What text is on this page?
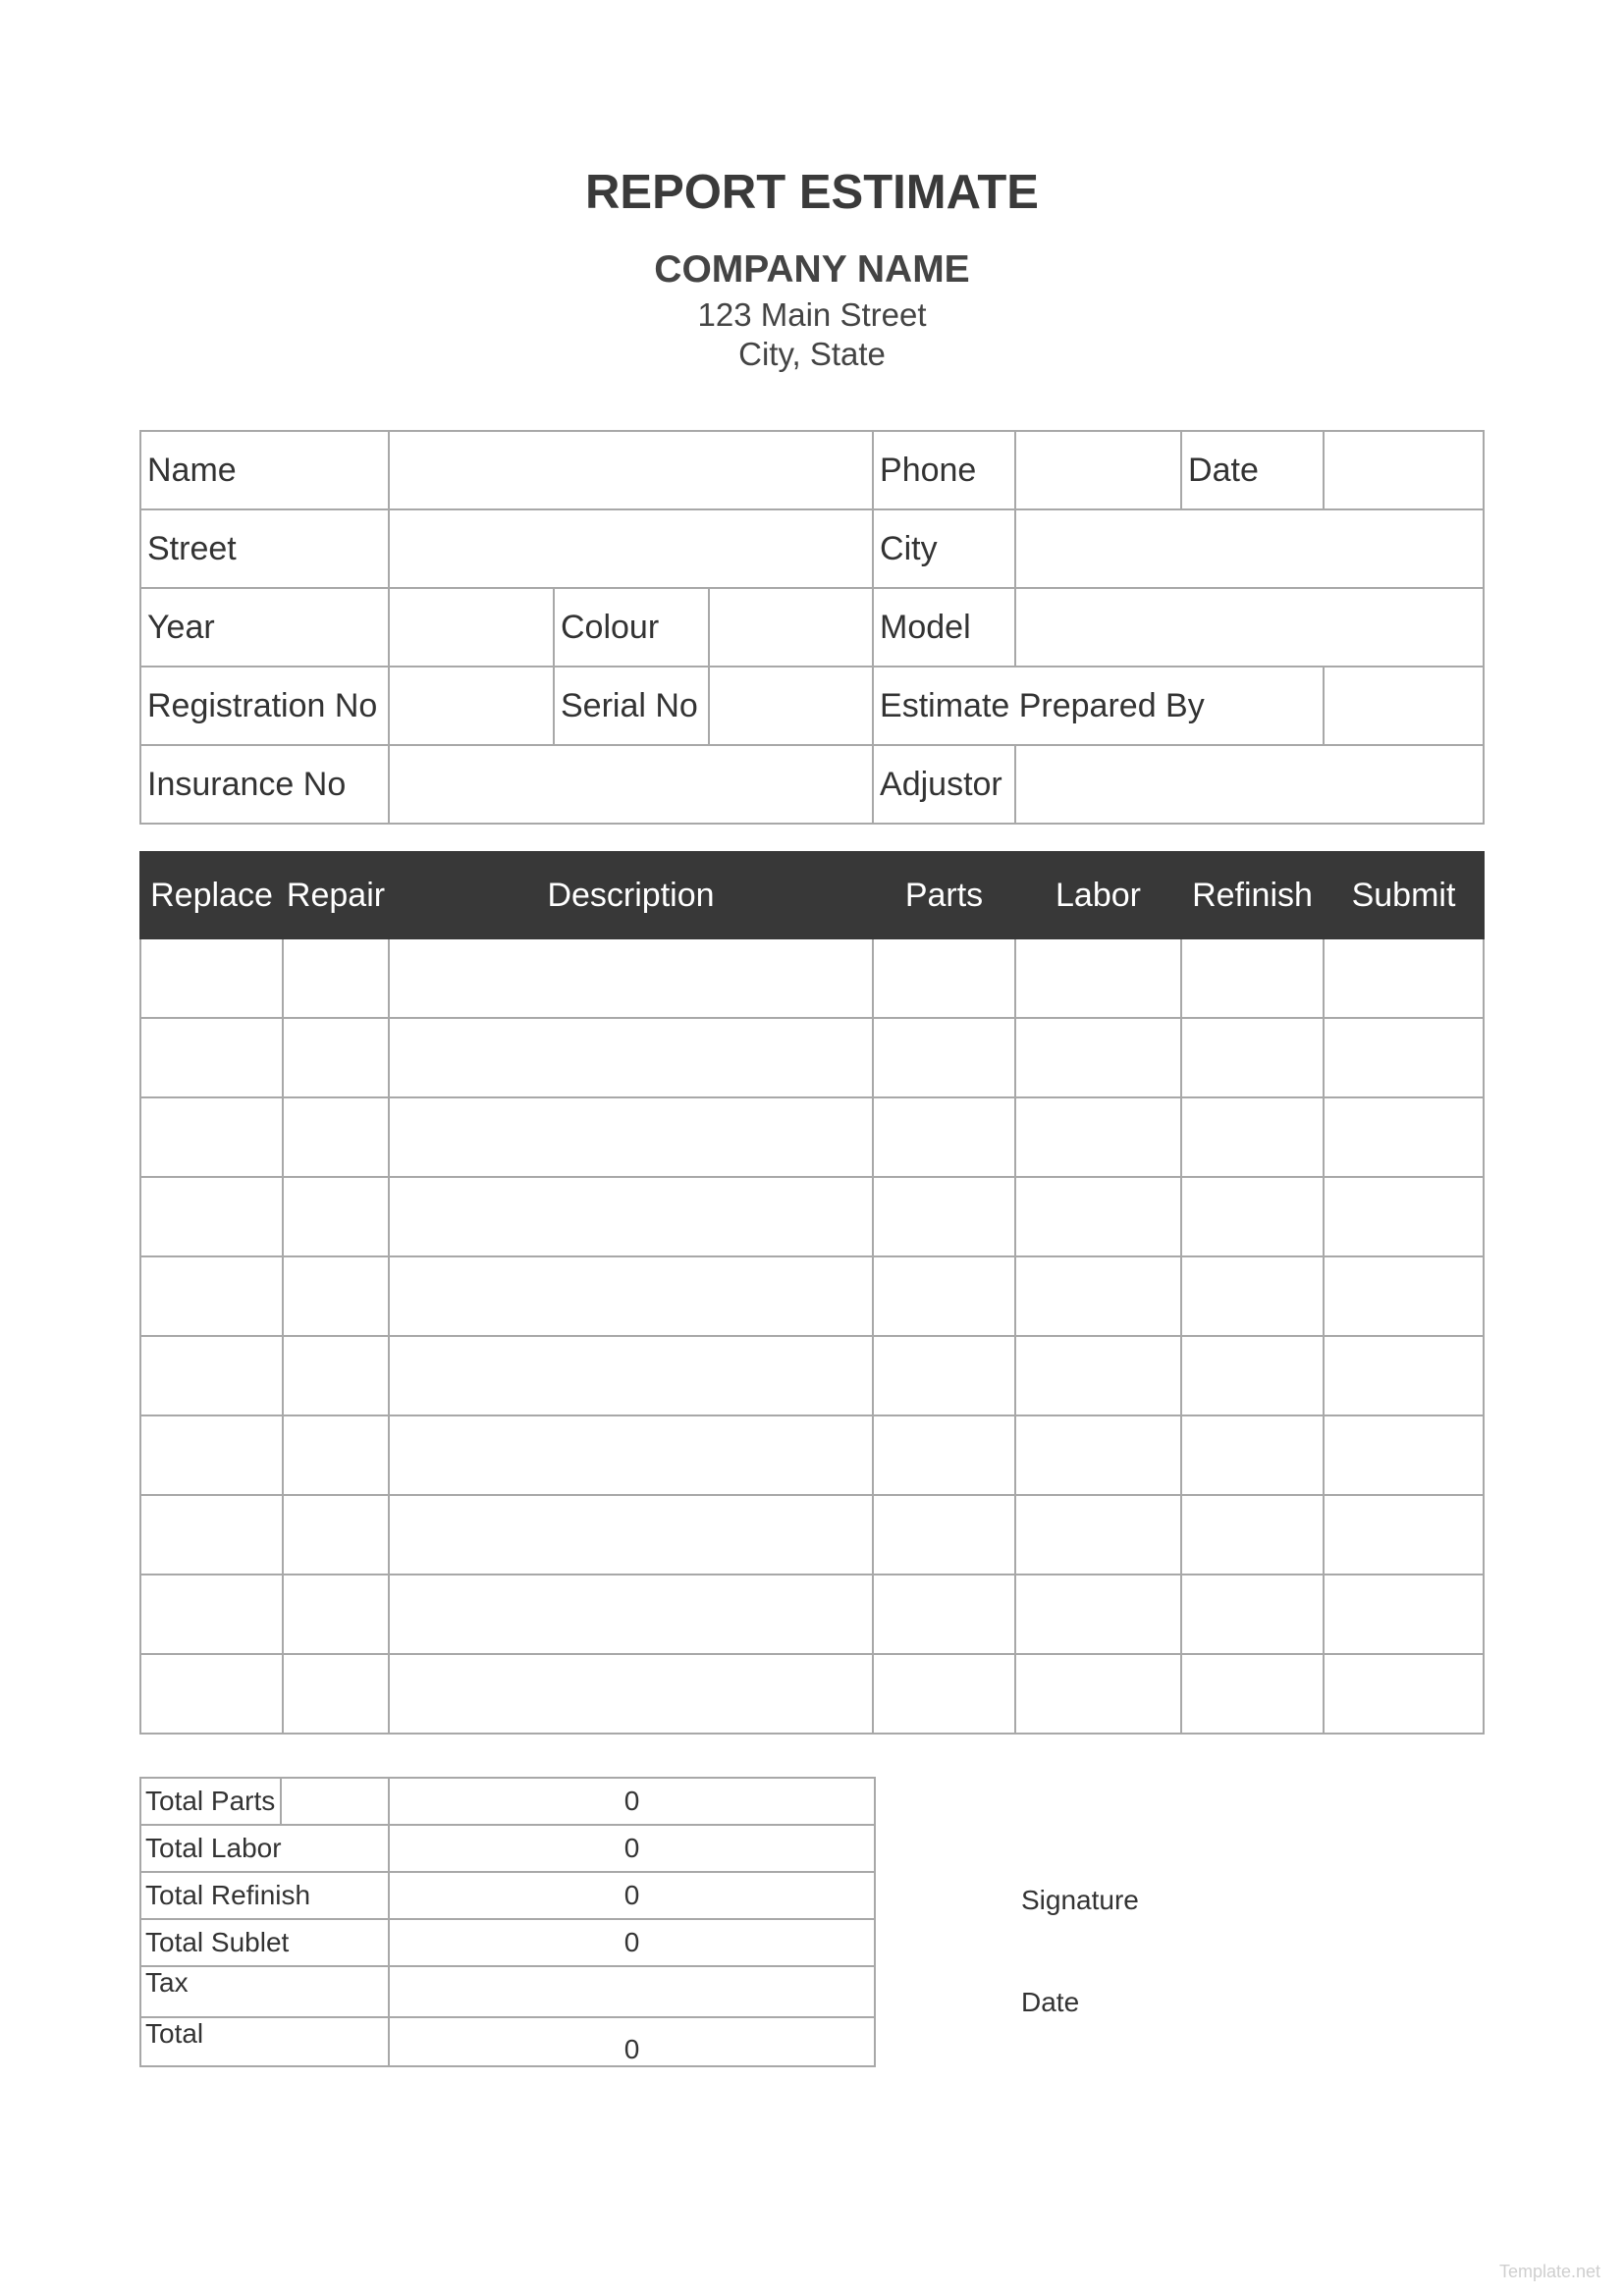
REPORT ESTIMATE
COMPANY NAME
123 Main Street
City, State
Name				Phone		Date	
Street				City			
Year		Colour		Model			
Registration No		Serial No		Estimate Prepared By			
Insurance No				Adjustor			
Replace	Repair	Description	Parts	Labor	Refinish	Submit

Total Parts		0
Total Labor		0
Total Refinish		0
Total Sublet		0
Tax		
Total		0
Signature
Date
Template.net
